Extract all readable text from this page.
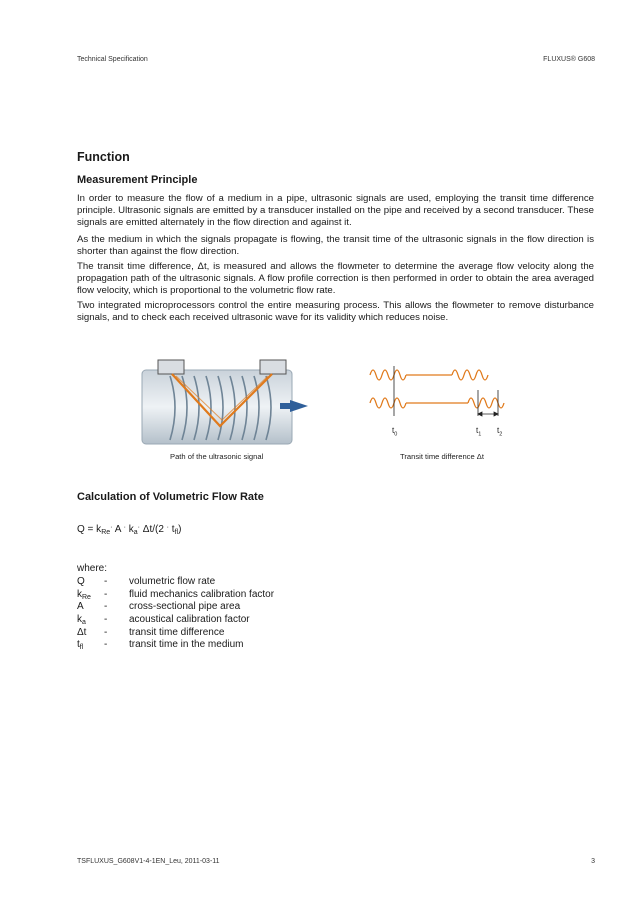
Technical Specification	FLUXUS® G608
Function
Measurement Principle

In order to measure the flow of a medium in a pipe, ultrasonic signals are used, employing the transit time difference principle. Ultrasonic signals are emitted by a transducer installed on the pipe and received by a second transducer. These signals are emitted alternately in the flow direction and against it.

As the medium in which the signals propagate is flowing, the transit time of the ultrasonic signals in the flow direction is shorter than against the flow direction.

The transit time difference, Δt, is measured and allows the flowmeter to determine the average flow velocity along the propagation path of the ultrasonic signals. A flow profile correction is then performed in order to obtain the area averaged flow velocity, which is proportional to the volumetric flow rate.

Two integrated microprocessors control the entire measuring process. This allows the flowmeter to remove disturbance signals, and to check each received ultrasonic wave for its validity which reduces noise.

$t_0$	$t_1$ $t_2$
Path of the ultrasonic signal	Transit time difference Δt
Calculation of Volumetric Flow Rate
$Q = k_{Re}^\cdot$ A · $k_a^\cdot$ Δt/(2 · $t_{fl}$)
where:
Q - volumetric flow rate
$k_{Re}$ - fluid mechanics calibration factor
A - cross-sectional pipe area
$k_a$ - acoustical calibration factor
Δt - transit time difference
$t_{fl}$ - transit time in the medium
TSFLUXUS_G608V1-4-1EN_Leu, 2011-03-11	3
